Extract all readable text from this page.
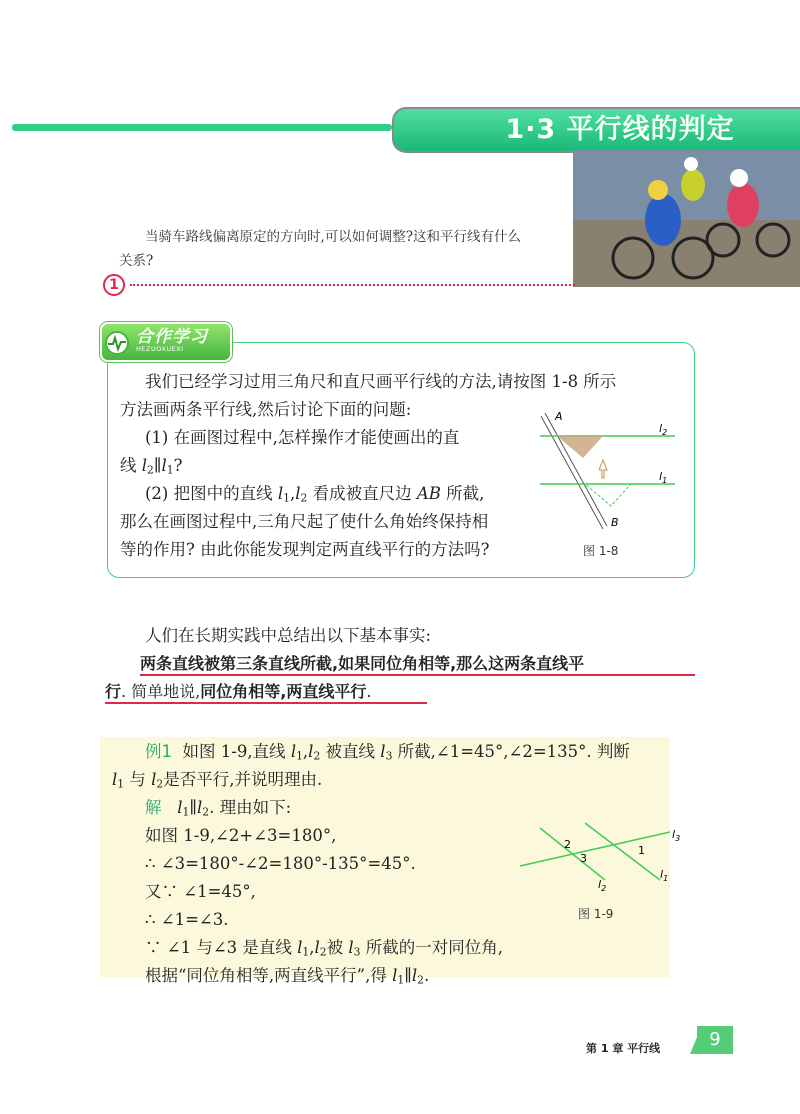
1·3 平行线的判定
当骑车路线偏离原定的方向时,可以如何调整?这和平行线有什么
关系?
1
合作学习
HEZUOXUEXI
我们已经学习过用三角尺和直尺画平行线的方法,请按图 1-8 所示
方法画两条平行线,然后讨论下面的问题:
(1) 在画图过程中,怎样操作才能使画出的直
线 $l_2\parallel l_1$?
(2) 把图中的直线 $l_1,l_2$ 看成被直尺边 AB 所截,
那么在画图过程中,三角尺起了使什么角始终保持相
等的作用? 由此你能发现判定两直线平行的方法吗?
A
B
$l_2$
$l_1$
图 1-8
人们在长期实践中总结出以下基本事实:
两条直线被第三条直线所截,如果同位角相等,那么这两条直线平
行. 简单地说,同位角相等,两直线平行.
例1 如图 1-9,直线 $l_1,l_2$ 被直线 $l_3$ 所截,∠1=45°,∠2=135°. 判断
$l_1$ 与 $l_2$是否平行,并说明理由.
解 $l_1\parallel l_2$. 理由如下:
如图 1-9,∠2+∠3=180°,
∴ ∠3=180°-∠2=180°-135°=45°.
又∵ ∠1=45°,
∴ ∠1=∠3.
∵ ∠1 与∠3 是直线 $l_1,l_2$被 $l_3$ 所截的一对同位角,
根据“同位角相等,两直线平行”,得 $l_1\parallel l_2$.
2
3
1
$l_3$
$l_2$
$l_1$
图 1-9
第 1 章 平行线	9
